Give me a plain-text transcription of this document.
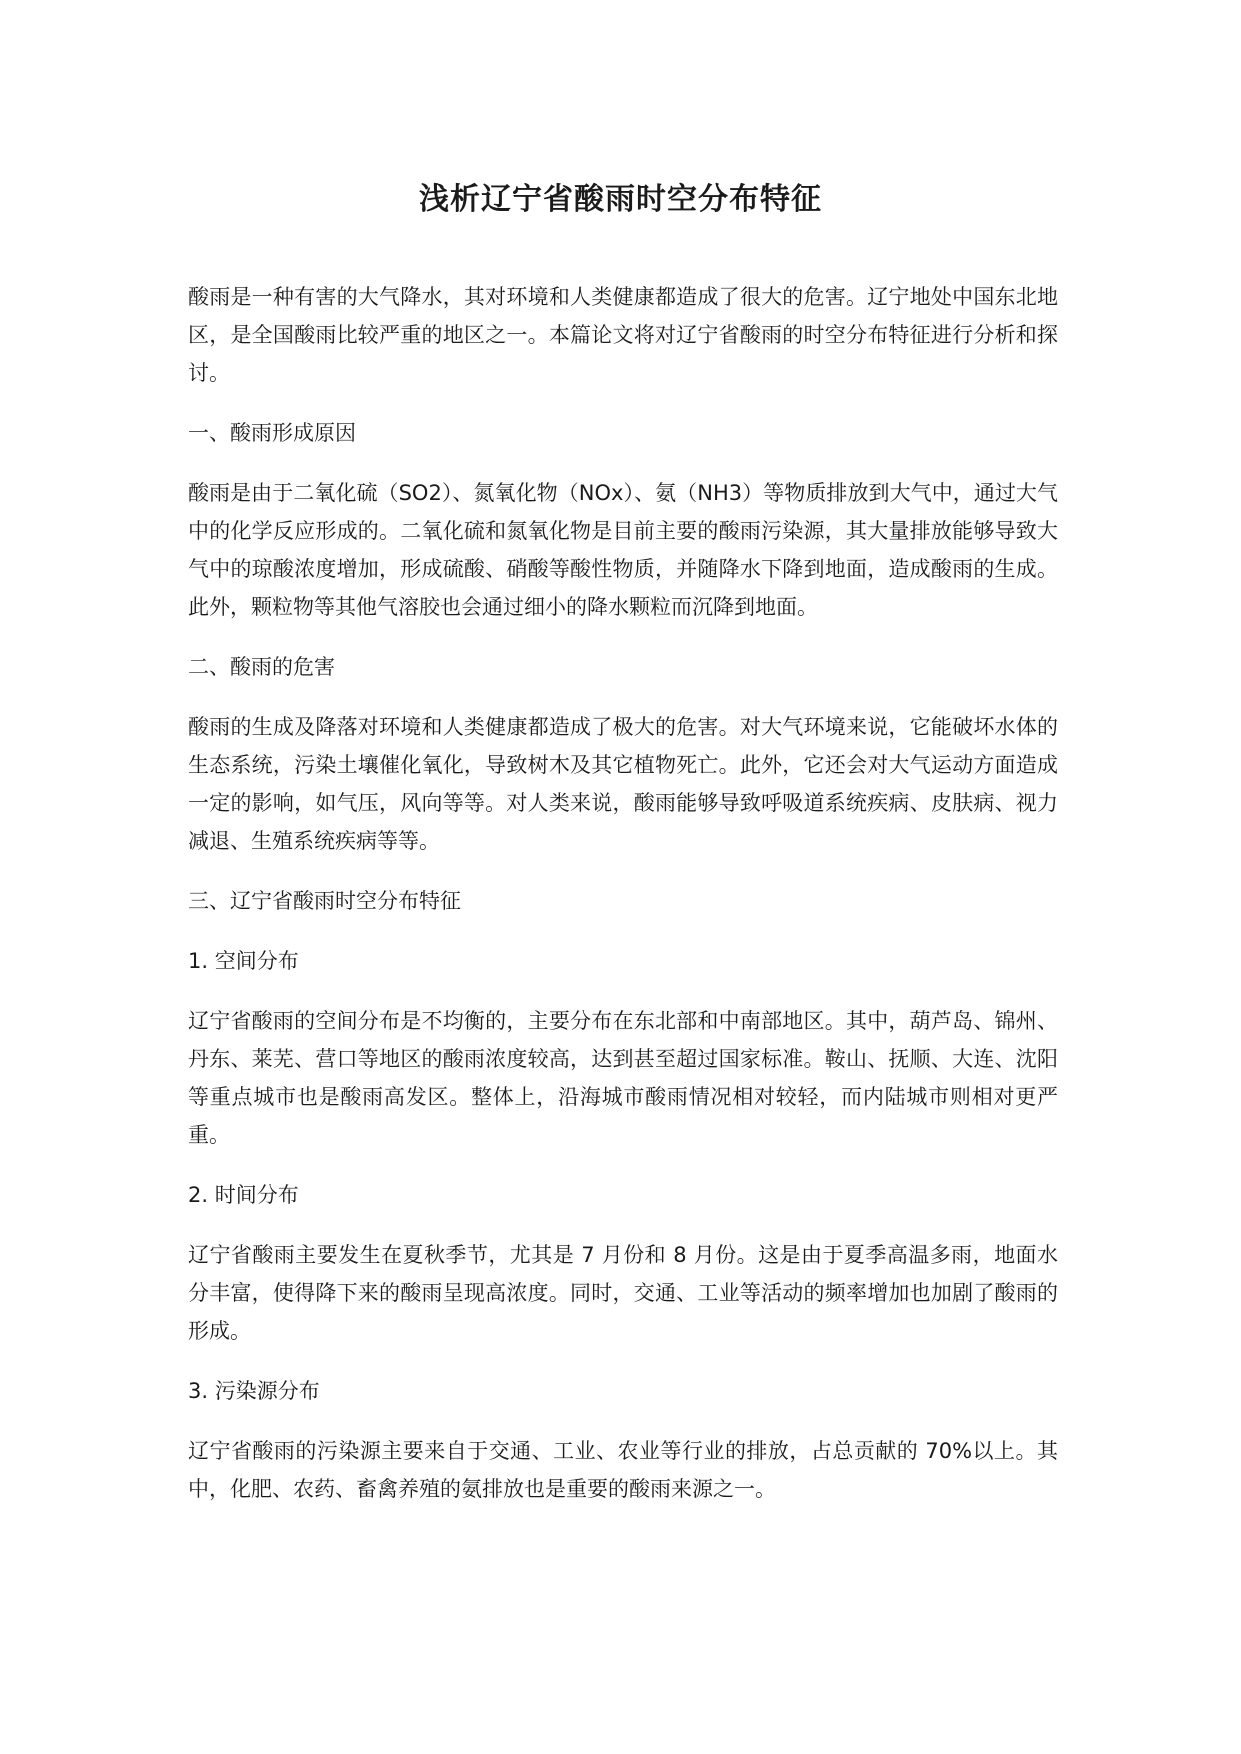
浅析辽宁省酸雨时空分布特征

酸雨是一种有害的大气降水，其对环境和人类健康都造成了很大的危害。辽宁地处中国东北地区，是全国酸雨比较严重的地区之一。本篇论文将对辽宁省酸雨的时空分布特征进行分析和探讨。

一、酸雨形成原因

酸雨是由于二氧化硫（SO2）、氮氧化物（NOx）、氨（NH3）等物质排放到大气中，通过大气中的化学反应形成的。二氧化硫和氮氧化物是目前主要的酸雨污染源，其大量排放能够导致大气中的琼酸浓度增加，形成硫酸、硝酸等酸性物质，并随降水下降到地面，造成酸雨的生成。此外，颗粒物等其他气溶胶也会通过细小的降水颗粒而沉降到地面。

二、酸雨的危害

酸雨的生成及降落对环境和人类健康都造成了极大的危害。对大气环境来说，它能破坏水体的生态系统，污染土壤催化氧化，导致树木及其它植物死亡。此外，它还会对大气运动方面造成一定的影响，如气压，风向等等。对人类来说，酸雨能够导致呼吸道系统疾病、皮肤病、视力减退、生殖系统疾病等等。

三、辽宁省酸雨时空分布特征
1. 空间分布

辽宁省酸雨的空间分布是不均衡的，主要分布在东北部和中南部地区。其中，葫芦岛、锦州、丹东、莱芜、营口等地区的酸雨浓度较高，达到甚至超过国家标准。鞍山、抚顺、大连、沈阳等重点城市也是酸雨高发区。整体上，沿海城市酸雨情况相对较轻，而内陆城市则相对更严重。

2. 时间分布

辽宁省酸雨主要发生在夏秋季节，尤其是 7 月份和 8 月份。这是由于夏季高温多雨，地面水分丰富，使得降下来的酸雨呈现高浓度。同时，交通、工业等活动的频率增加也加剧了酸雨的形成。

3. 污染源分布

辽宁省酸雨的污染源主要来自于交通、工业、农业等行业的排放，占总贡献的 70%以上。其中，化肥、农药、畜禽养殖的氨排放也是重要的酸雨来源之一。
